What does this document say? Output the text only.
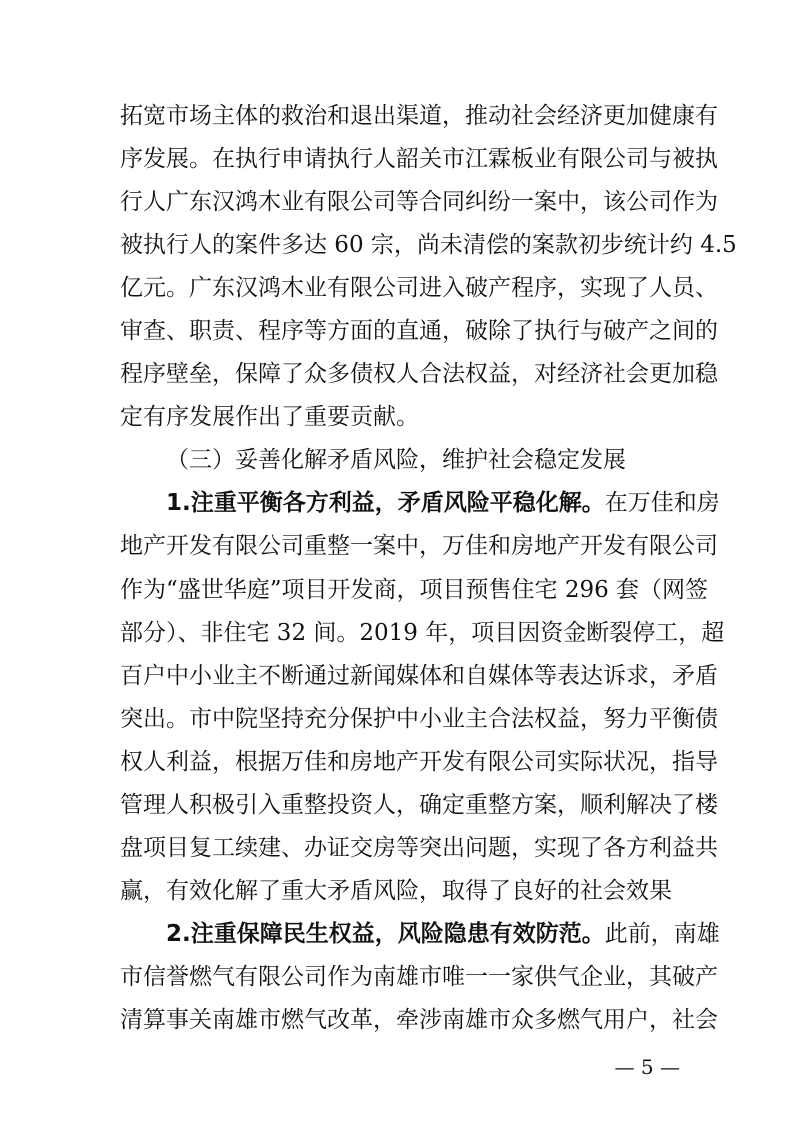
拓宽市场主体的救治和退出渠道，推动社会经济更加健康有
序发展。在执行申请执行人韶关市江霖板业有限公司与被执
行人广东汉鸿木业有限公司等合同纠纷一案中，该公司作为
被执行人的案件多达 60 宗，尚未清偿的案款初步统计约 4.5
亿元。广东汉鸿木业有限公司进入破产程序，实现了人员、
审查、职责、程序等方面的直通，破除了执行与破产之间的
程序壁垒，保障了众多债权人合法权益，对经济社会更加稳
定有序发展作出了重要贡献。
（三）妥善化解矛盾风险，维护社会稳定发展
1.注重平衡各方利益，矛盾风险平稳化解。在万佳和房
地产开发有限公司重整一案中，万佳和房地产开发有限公司
作为“盛世华庭”项目开发商，项目预售住宅 296 套（网签
部分）、非住宅 32 间。2019 年，项目因资金断裂停工，超
百户中小业主不断通过新闻媒体和自媒体等表达诉求，矛盾
突出。市中院坚持充分保护中小业主合法权益，努力平衡债
权人利益，根据万佳和房地产开发有限公司实际状况，指导
管理人积极引入重整投资人，确定重整方案，顺利解决了楼
盘项目复工续建、办证交房等突出问题，实现了各方利益共
赢，有效化解了重大矛盾风险，取得了良好的社会效果
2.注重保障民生权益，风险隐患有效防范。此前，南雄
市信誉燃气有限公司作为南雄市唯一一家供气企业，其破产
清算事关南雄市燃气改革，牵涉南雄市众多燃气用户，社会
— 5 —
